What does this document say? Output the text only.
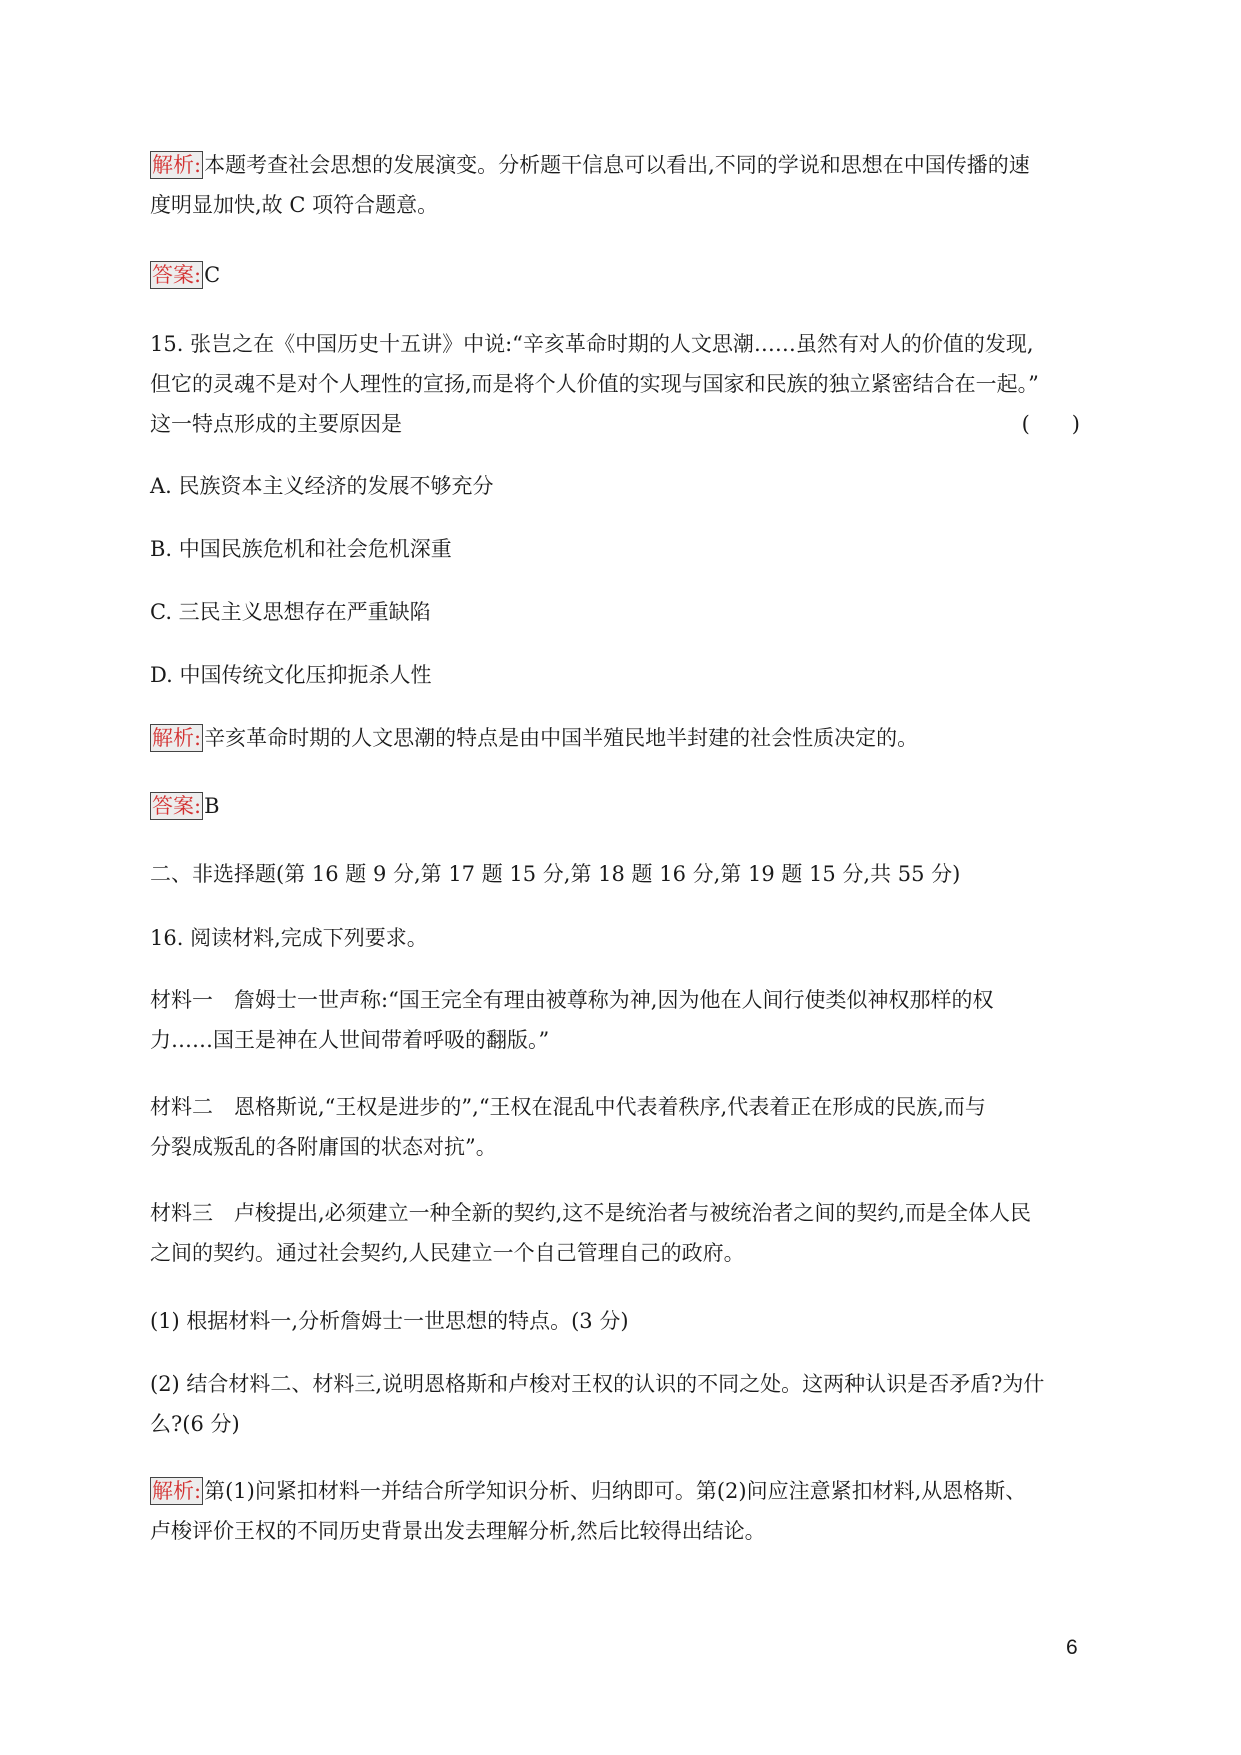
解析: 本题考查社会思想的发展演变。分析题干信息可以看出,不同的学说和思想在中国传播的速
度明显加快,故 C 项符合题意。
答案: C
15. 张岂之在《中国历史十五讲》中说:“辛亥革命时期的人文思潮……虽然有对人的价值的发现,
但它的灵魂不是对个人理性的宣扬,而是将个人价值的实现与国家和民族的独立紧密结合在一起。”
这一特点形成的主要原因是	(　　)
A. 民族资本主义经济的发展不够充分
B. 中国民族危机和社会危机深重
C. 三民主义思想存在严重缺陷
D. 中国传统文化压抑扼杀人性
解析: 辛亥革命时期的人文思潮的特点是由中国半殖民地半封建的社会性质决定的。
答案: B
二、非选择题(第 16 题 9 分,第 17 题 15 分,第 18 题 16 分,第 19 题 15 分,共 55 分)
16. 阅读材料,完成下列要求。
材料一　詹姆士一世声称:“国王完全有理由被尊称为神,因为他在人间行使类似神权那样的权
力……国王是神在人世间带着呼吸的翻版。”
材料二　恩格斯说,“王权是进步的”,“王权在混乱中代表着秩序,代表着正在形成的民族,而与
分裂成叛乱的各附庸国的状态对抗”。
材料三　卢梭提出,必须建立一种全新的契约,这不是统治者与被统治者之间的契约,而是全体人民
之间的契约。通过社会契约,人民建立一个自己管理自己的政府。
(1) 根据材料一,分析詹姆士一世思想的特点。(3 分)
(2) 结合材料二、材料三,说明恩格斯和卢梭对王权的认识的不同之处。这两种认识是否矛盾?为什
么?(6 分)
解析: 第(1)问紧扣材料一并结合所学知识分析、归纳即可。第(2)问应注意紧扣材料,从恩格斯、
卢梭评价王权的不同历史背景出发去理解分析,然后比较得出结论。
6
